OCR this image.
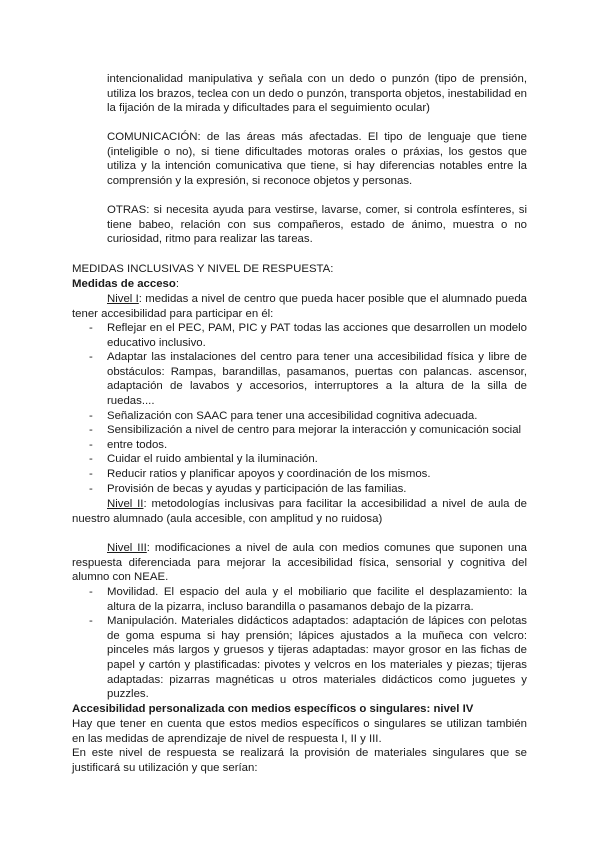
intencionalidad manipulativa y señala con un dedo o punzón (tipo de prensión, utiliza los brazos, teclea con un dedo o punzón, transporta objetos, inestabilidad en la fijación de la mirada y dificultades para el seguimiento ocular)

COMUNICACIÓN: de las áreas más afectadas. El tipo de lenguaje que tiene (inteligible o no), si tiene dificultades motoras orales o práxias, los gestos que utiliza y la intención comunicativa que tiene, si hay diferencias notables entre la comprensión y la expresión, si reconoce objetos y personas.

OTRAS: si necesita ayuda para vestirse, lavarse, comer, si controla esfínteres, si tiene babeo, relación con sus compañeros, estado de ánimo, muestra o no curiosidad, ritmo para realizar las tareas.

MEDIDAS INCLUSIVAS Y NIVEL DE RESPUESTA:

Medidas de acceso:

Nivel I: medidas a nivel de centro que pueda hacer posible que el alumnado pueda tener accesibilidad para participar en él:

- Reflejar en el PEC, PAM, PIC y PAT todas las acciones que desarrollen un modelo educativo inclusivo.
- Adaptar las instalaciones del centro para tener una accesibilidad física y libre de obstáculos: Rampas, barandillas, pasamanos, puertas con palancas. ascensor, adaptación de lavabos y accesorios, interruptores a la altura de la silla de ruedas....
- Señalización con SAAC para tener una accesibilidad cognitiva adecuada.
- Sensibilización a nivel de centro para mejorar la interacción y comunicación social
- entre todos.
- Cuidar el ruido ambiental y la iluminación.
- Reducir ratios y planificar apoyos y coordinación de los mismos.
- Provisión de becas y ayudas y participación de las familias.

Nivel II: metodologías inclusivas para facilitar la accesibilidad a nivel de aula de nuestro alumnado (aula accesible, con amplitud y no ruidosa)

Nivel III: modificaciones a nivel de aula con medios comunes que suponen una respuesta diferenciada para mejorar la accesibilidad física, sensorial y cognitiva del alumno con NEAE.

- Movilidad. El espacio del aula y el mobiliario que facilite el desplazamiento: la altura de la pizarra, incluso barandilla o pasamanos debajo de la pizarra.
- Manipulación. Materiales didácticos adaptados: adaptación de lápices con pelotas de goma espuma si hay prensión; lápices ajustados a la muñeca con velcro: pinceles más largos y gruesos y tijeras adaptadas: mayor grosor en las fichas de papel y cartón y plastificadas: pivotes y velcros en los materiales y piezas; tijeras adaptadas: pizarras magnéticas u otros materiales didácticos como juguetes y puzzles.

Accesibilidad personalizada con medios específicos o singulares: nivel IV

Hay que tener en cuenta que estos medios específicos o singulares se utilizan también en las medidas de aprendizaje de nivel de respuesta I, II y III.

En este nivel de respuesta se realizará la provisión de materiales singulares que se justificará su utilización y que serían:
